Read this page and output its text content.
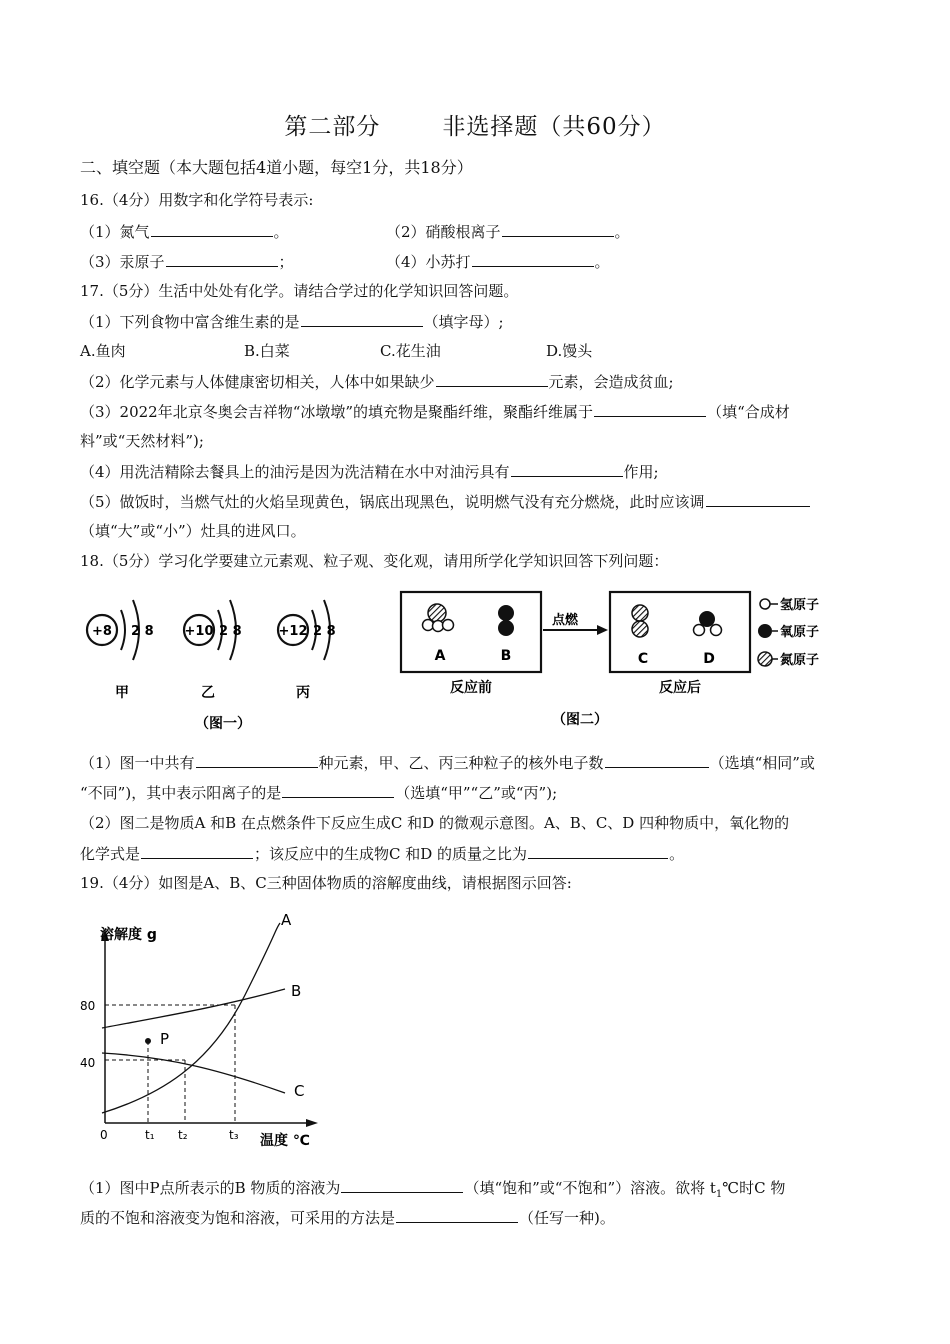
第二部分	非选择题（共60分）
二、填空题（本大题包括4道小题，每空1分，共18分）
16.（4分）用数字和化学符号表示:
（1）氮气	。	（2）硝酸根离子	。
（3）汞原子	；	（4）小苏打	。
17.（5分）生活中处处有化学。请结合学过的化学知识回答问题。
（1）下列食物中富含维生素的是	（填字母）;
A.鱼肉	B.白菜	C.花生油	D.馒头
（2）化学元素与人体健康密切相关，人体中如果缺少	元素，会造成贫血;
（3）2022年北京冬奥会吉祥物“冰墩墩”的填充物是聚酯纤维，聚酯纤维属于	（填“合成材
料”或“天然材料”);
（4）用洗洁精除去餐具上的油污是因为洗洁精在水中对油污具有	作用;
（5）做饭时，当燃气灶的火焰呈现黄色，锅底出现黑色，说明燃气没有充分燃烧，此时应该调
（填“大”或“小”）灶具的进风口。
18.（5分）学习化学要建立元素观、粒子观、变化观，请用所学化学知识回答下列问题：
+8 2 8
甲
+10 2 8
乙
+12 2 8
丙
（图一）
点燃
A	B	C	D
反应前	反应后
（图二）
氢原子
氧原子
氮原子
（1）图一中共有	种元素，甲、乙、丙三种粒子的核外电子数	（选填“相同”或
“不同”)，其中表示阳离子的是	（选填“甲”“乙”或“丙”);
（2）图二是物质A 和B 在点燃条件下反应生成C 和D 的微观示意图。A、B、C、D 四种物质中，氧化物的
化学式是	；该反应中的生成物C 和D 的质量之比为	。
19.（4分）如图是A、B、C三种固体物质的溶解度曲线，请根据图示回答:
溶解度 g
温度 ℃
80
40
0	t₁ t₂	t₃
A
B
C
P
（1）图中P点所表示的B 物质的溶液为	（填“饱和”或“不饱和”）溶液。欲将 $t_1℃$时C 物
质的不饱和溶液变为饱和溶液，可采用的方法是	（任写一种)。
